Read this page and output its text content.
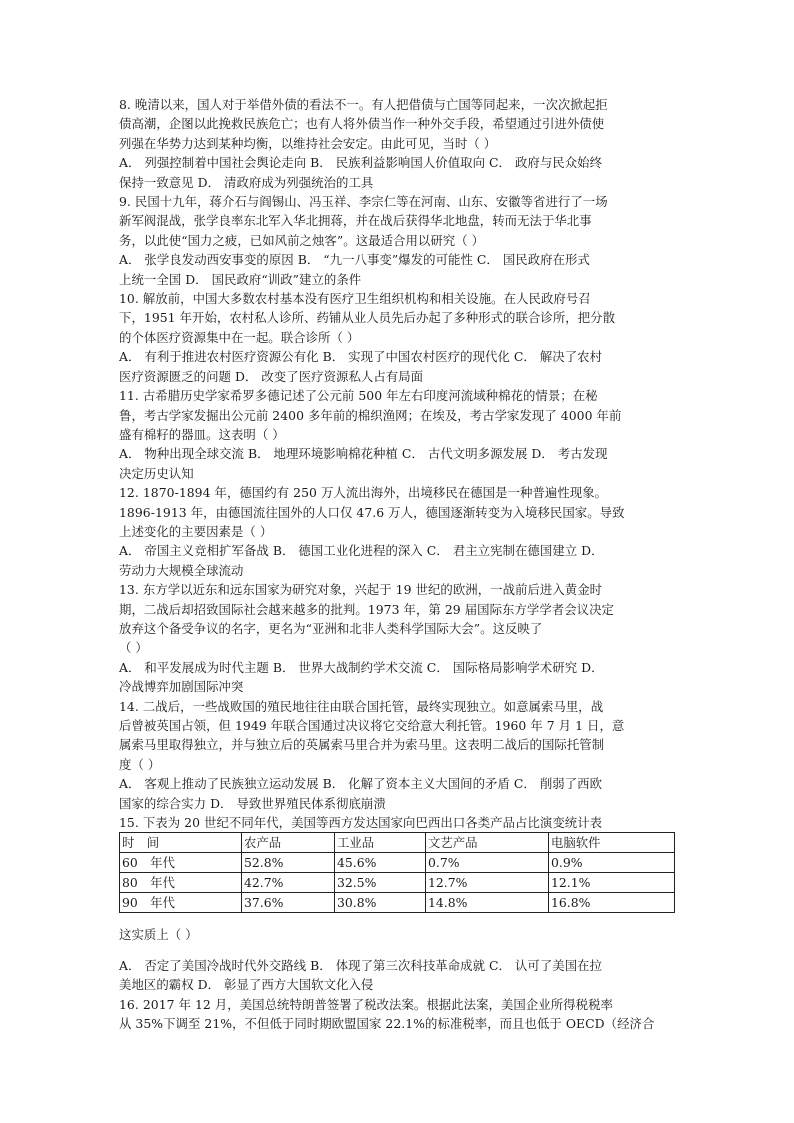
8. 晚清以来，国人对于举借外债的看法不一。有人把借债与亡国等同起来，一次次掀起拒
债高潮，企图以此挽救民族危亡；也有人将外债当作一种外交手段，希望通过引进外债使
列强在华势力达到某种均衡，以维持社会安定。由此可见，当时（ ）
A． 列强控制着中国社会舆论走向 B． 民族利益影响国人价值取向 C． 政府与民众始终
保持一致意见 D． 清政府成为列强统治的工具
9. 民国十九年，蒋介石与阎锡山、冯玉祥、李宗仁等在河南、山东、安徽等省进行了一场
新军阀混战，张学良率东北军入华北拥蒋，并在战后获得华北地盘，转而无法于华北事
务，以此使“国力之疲，已如风前之烛客”。这最适合用以研究（ ）
A． 张学良发动西安事变的原因 B． “九一八事变”爆发的可能性 C． 国民政府在形式
上统一全国 D． 国民政府“训政”建立的条件
10. 解放前，中国大多数农村基本没有医疗卫生组织机构和相关设施。在人民政府号召
下，1951 年开始，农村私人诊所、药铺从业人员先后办起了多种形式的联合诊所，把分散
的个体医疗资源集中在一起。联合诊所（ ）
A． 有利于推进农村医疗资源公有化 B． 实现了中国农村医疗的现代化 C． 解决了农村
医疗资源匮乏的问题 D． 改变了医疗资源私人占有局面
11. 古希腊历史学家希罗多德记述了公元前 500 年左右印度河流域种棉花的情景；在秘
鲁，考古学家发掘出公元前 2400 多年前的棉织渔网；在埃及，考古学家发现了 4000 年前
盛有棉籽的器皿。这表明（ ）
A． 物种出现全球交流 B． 地理环境影响棉花种植 C． 古代文明多源发展 D． 考古发现
决定历史认知
12. 1870-1894 年，德国约有 250 万人流出海外，出境移民在德国是一种普遍性现象。
1896-1913 年，由德国流往国外的人口仅 47.6 万人，德国逐渐转变为入境移民国家。导致
上述变化的主要因素是（ ）
A． 帝国主义竞相扩军备战 B． 德国工业化进程的深入 C． 君主立宪制在德国建立 D．
劳动力大规模全球流动
13. 东方学以近东和远东国家为研究对象，兴起于 19 世纪的欧洲，一战前后进入黄金时
期，二战后却招致国际社会越来越多的批判。1973 年，第 29 届国际东方学学者会议决定
放弃这个备受争议的名字，更名为“亚洲和北非人类科学国际大会”。这反映了
（ ）
A． 和平发展成为时代主题 B． 世界大战制约学术交流 C． 国际格局影响学术研究 D．
冷战博弈加剧国际冲突
14. 二战后，一些战败国的殖民地往往由联合国托管，最终实现独立。如意属索马里，战
后曾被英国占领，但 1949 年联合国通过决议将它交给意大利托管。1960 年 7 月 1 日，意
属索马里取得独立，并与独立后的英属索马里合并为索马里。这表明二战后的国际托管制
度（ ）
A． 客观上推动了民族独立运动发展 B． 化解了资本主义大国间的矛盾 C． 削弱了西欧
国家的综合实力 D． 导致世界殖民体系彻底崩溃
15. 下表为 20 世纪不同年代，美国等西方发达国家向巴西出口各类产品占比演变统计表
时　间	农产品	工业品	文艺产品	电脑软件
60　年代	52.8%	45.6%	0.7%	0.9%
80　年代	42.7%	32.5%	12.7%	12.1%
90　年代	37.6%	30.8%	14.8%	16.8%
这实质上（ ）
A． 否定了美国冷战时代外交路线 B． 体现了第三次科技革命成就 C． 认可了美国在拉
美地区的霸权 D． 彰显了西方大国软文化入侵
16. 2017 年 12 月，美国总统特朗普签署了税改法案。根据此法案，美国企业所得税税率
从 35%下调至 21%，不但低于同时期欧盟国家 22.1%的标准税率，而且也低于 OECD（经济合
